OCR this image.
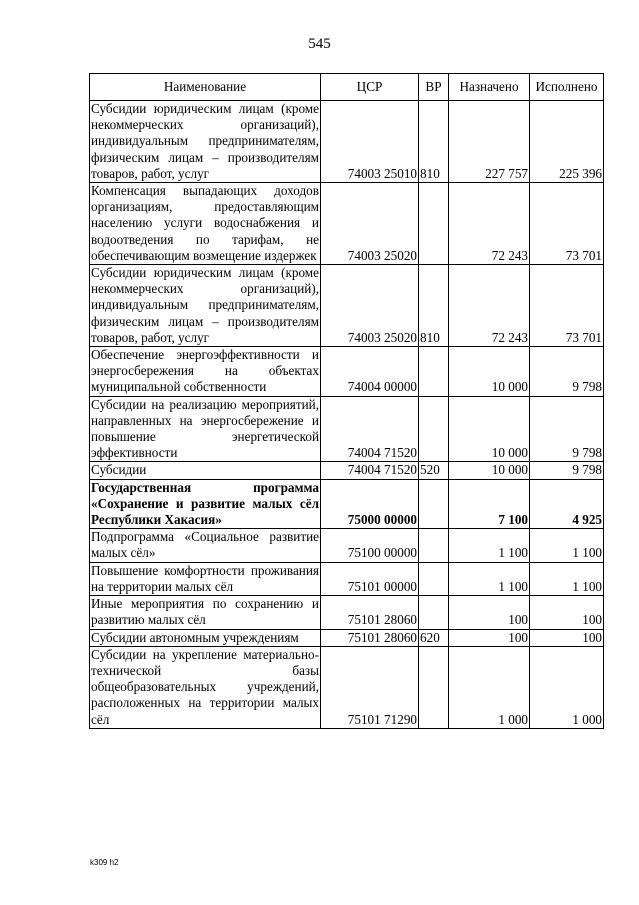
545
Наименование	ЦСР	ВР	Назначено	Исполнено
Субсидии юридическим лицам (кроме некоммерческих организаций), индивидуальным предпринимателям, физическим лицам – производителям товаров, работ, услуг	74003 25010	810	227 757	225 396
Компенсация выпадающих доходов организациям, предоставляющим населению услуги водоснабжения и водоотведения по тарифам, не обеспечивающим возмещение издержек	74003 25020		72 243	73 701
Субсидии юридическим лицам (кроме некоммерческих организаций), индивидуальным предпринимателям, физическим лицам – производителям товаров, работ, услуг	74003 25020	810	72 243	73 701
Обеспечение энергоэффективности и энергосбережения на объектах муниципальной собственности	74004 00000		10 000	9 798
Субсидии на реализацию мероприятий, направленных на энергосбережение и повышение энергетической эффективности	74004 71520		10 000	9 798
Субсидии	74004 71520	520	10 000	9 798
Государственная программа «Сохранение и развитие малых сёл Республики Хакасия»	75000 00000		7 100	4 925
Подпрограмма «Социальное развитие малых сёл»	75100 00000		1 100	1 100
Повышение комфортности проживания на территории малых сёл	75101 00000		1 100	1 100
Иные мероприятия по сохранению и развитию малых сёл	75101 28060		100	100
Субсидии автономным учреждениям	75101 28060	620	100	100
Субсидии на укрепление материально-технической базы общеобразовательных учреждений, расположенных на территории малых сёл	75101 71290		1 000	1 000
k309 h2
